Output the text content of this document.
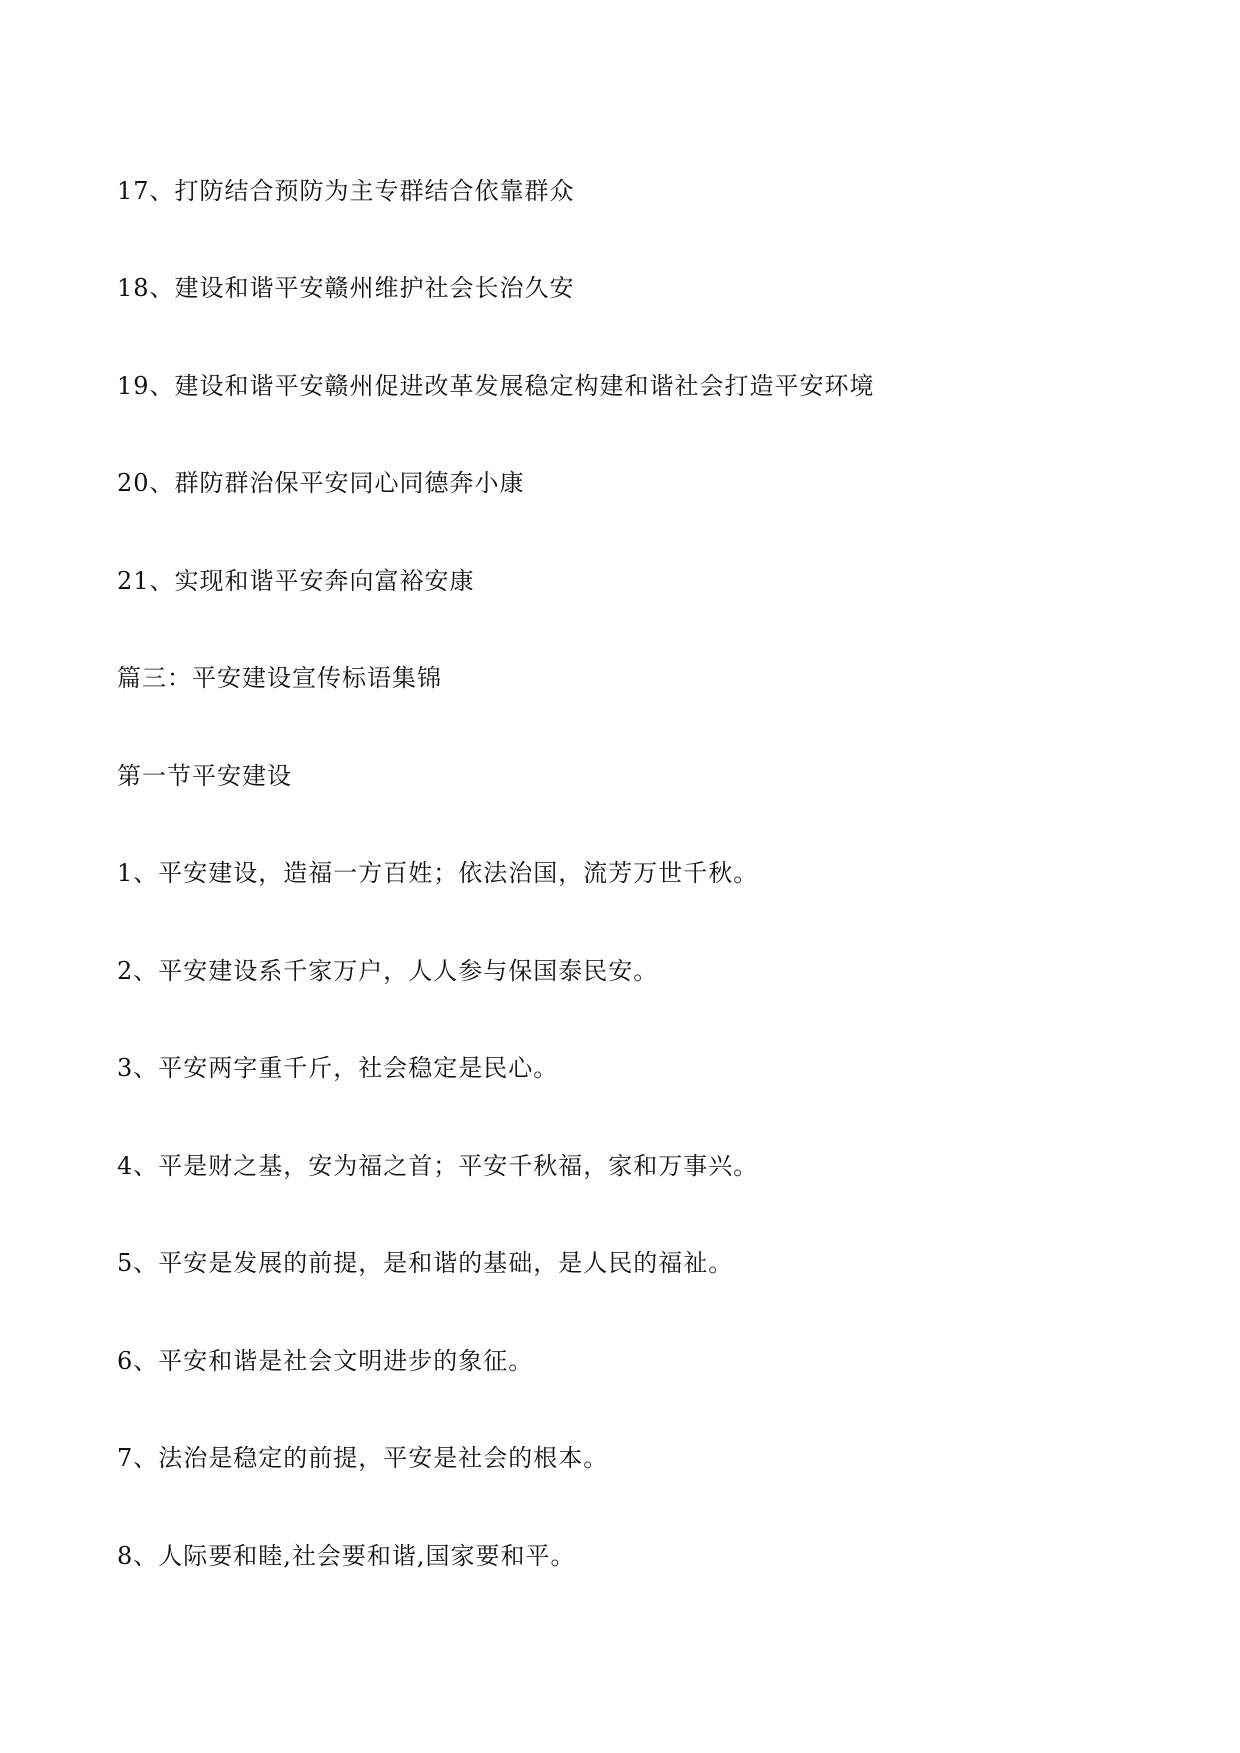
17、打防结合预防为主专群结合依靠群众
18、建设和谐平安赣州维护社会长治久安
19、建设和谐平安赣州促进改革发展稳定构建和谐社会打造平安环境
20、群防群治保平安同心同德奔小康
21、实现和谐平安奔向富裕安康
篇三：平安建设宣传标语集锦
第一节平安建设
1、平安建设，造福一方百姓；依法治国，流芳万世千秋。
2、平安建设系千家万户，人人参与保国泰民安。
3、平安两字重千斤，社会稳定是民心。
4、平是财之基，安为福之首；平安千秋福，家和万事兴。
5、平安是发展的前提，是和谐的基础，是人民的福祉。
6、平安和谐是社会文明进步的象征。
7、法治是稳定的前提，平安是社会的根本。
8、人际要和睦,社会要和谐,国家要和平。
